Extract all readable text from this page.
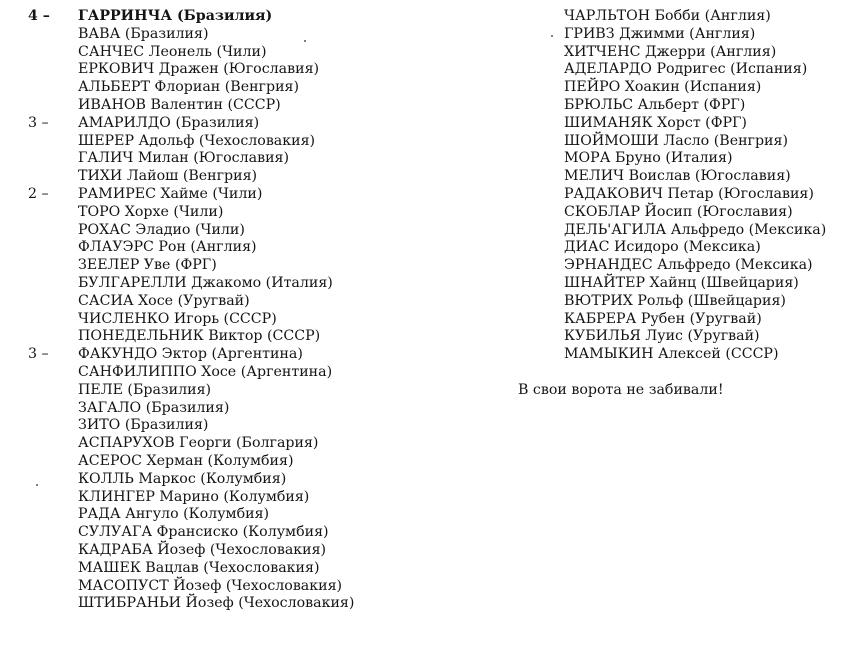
4 –	ГАРРИНЧА (Бразилия)
ВАВА (Бразилия)
САНЧЕС Леонель (Чили)
ЕРКОВИЧ Дражен (Югославия)
АЛЬБЕРТ Флориан (Венгрия)
ИВАНОВ Валентин (СССР)
3 –	АМАРИЛДО (Бразилия)
ШЕРЕР Адольф (Чехословакия)
ГАЛИЧ Милан (Югославия)
ТИХИ Лайош (Венгрия)
2 –	РАМИРЕС Хайме (Чили)
ТОРО Хорхе (Чили)
РОХАС Эладио (Чили)
ФЛАУЭРС Рон (Англия)
ЗЕЕЛЕР Уве (ФРГ)
БУЛГАРЕЛЛИ Джакомо (Италия)
САСИА Хосе (Уругвай)
ЧИСЛЕНКО Игорь (СССР)
ПОНЕДЕЛЬНИК Виктор (СССР)
3 –	ФАКУНДО Эктор (Аргентина)
САНФИЛИППО Хосе (Аргентина)
ПЕЛЕ (Бразилия)
ЗАГАЛО (Бразилия)
ЗИТО (Бразилия)
АСПАРУХОВ Георги (Болгария)
АСЕРОС Херман (Колумбия)
КОЛЛЬ Маркос (Колумбия)
КЛИНГЕР Марино (Колумбия)
РАДА Ангуло (Колумбия)
СУЛУАГА Франсиско (Колумбия)
КАДРАБА Йозеф (Чехословакия)
МАШЕК Вацлав (Чехословакия)
МАСОПУСТ Йозеф (Чехословакия)
ШТИБРАНЬИ Йозеф (Чехословакия)
ЧАРЛЬТОН Бобби (Англия)
ГРИВЗ Джимми (Англия)
ХИТЧЕНС Джерри (Англия)
АДЕЛАРДО Родригес (Испания)
ПЕЙРО Хоакин (Испания)
БРЮЛЬС Альберт (ФРГ)
ШИМАНЯК Хорст (ФРГ)
ШОЙМОШИ Ласло (Венгрия)
МОРА Бруно (Италия)
МЕЛИЧ Воислав (Югославия)
РАДАКОВИЧ Петар (Югославия)
СКОБЛАР Йосип (Югославия)
ДЕЛЬ'АГИЛА Альфредо (Мексика)
ДИАС Исидоро (Мексика)
ЭРНАНДЕС Альфредо (Мексика)
ШНАЙТЕР Хайнц (Швейцария)
ВЮТРИХ Рольф (Швейцария)
КАБРЕРА Рубен (Уругвай)
КУБИЛЬЯ Луис (Уругвай)
МАМЫКИН Алексей (СССР)
В свои ворота не забивали!
